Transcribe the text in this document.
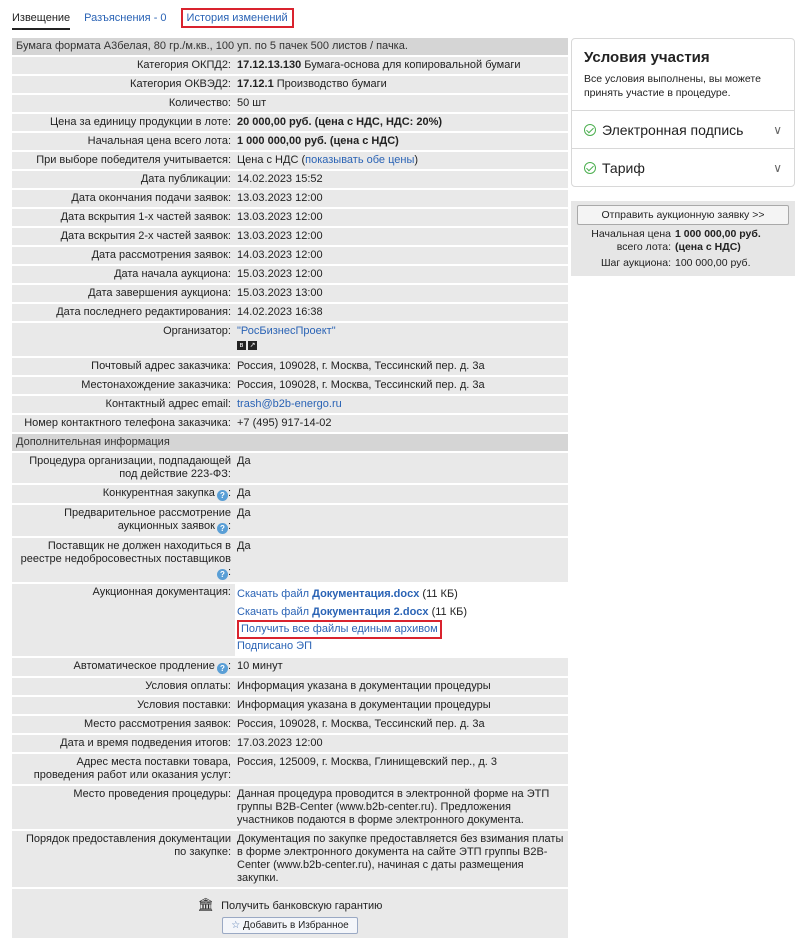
Извещение Разъяснения - 0	История изменений
Бумага формата А3белая, 80 гр./м.кв., 100 уп. по 5 пачек 500 листов / пачка.
Категория ОКПД2: 17.12.13.130 Бумага-основа для копировальной бумаги
Категория ОКВЭД2: 17.12.1 Производство бумаги
Количество: 50 шт
Цена за единицу продукции в лоте: 20 000,00 руб. (цена с НДС, НДС: 20%)
Начальная цена всего лота: 1 000 000,00 руб. (цена с НДС)
При выборе победителя учитывается: Цена с НДС (показывать обе цены)
Дата публикации: 14.02.2023 15:52
Дата окончания подачи заявок: 13.03.2023 12:00
Дата вскрытия 1-х частей заявок: 13.03.2023 12:00
Дата вскрытия 2-х частей заявок: 13.03.2023 12:00
Дата рассмотрения заявок: 14.03.2023 12:00
Дата начала аукциона: 15.03.2023 12:00
Дата завершения аукциона: 15.03.2023 13:00
Дата последнего редактирования: 14.02.2023 16:38
Организатор: "РосБизнесПроект"

в ↗
Почтовый адрес заказчика: Россия, 109028, г. Москва, Тессинский пер. д. 3а
Местонахождение заказчика: Россия, 109028, г. Москва, Тессинский пер. д. 3а
Контактный адрес email: trash@b2b-energo.ru
Номер контактного телефона заказчика: +7 (495) 917-14-02
Дополнительная информация
Процедура организации, подпадающей под действие 223-ФЗ:
Да
Конкурентная закупка ? : Да
Предварительное рассмотрение аукционных заявок ? :
Да
Поставщик не должен находиться в реестре недобросовестных поставщиков? :
Да
Аукционная документация: Скачать файл Документация.docx (11 КБ)
Скачать файл Документация 2.docx (11 КБ)
Получить все файлы единым архивом
Подписано ЭП
Автоматическое продление ? : 10 минут
Условия оплаты: Информация указана в документации процедуры
Условия поставки: Информация указана в документации процедуры
Место рассмотрения заявок: Россия, 109028, г. Москва, Тессинский пер. д. 3а
Дата и время подведения итогов: 17.03.2023 12:00
Адрес места поставки товара, проведения работ или оказания услуг:
Россия, 125009, г. Москва, Глинищевский пер., д. 3
Место проведения процедуры: Данная процедура проводится в электронной форме на ЭТП группы B2B-Center (www.b2b-center.ru). Предложения участников подаются в форме электронного документа.
Порядок предоставления документации по закупке:
Документация по закупке предоставляется без взимания платы в форме электронного документа на сайте ЭТП группы B2B-Center (www.b2b-center.ru), начиная с даты размещения закупки.
🏛 Получить банковскую гарантию
☆ Добавить в Избранное
Условия участия
Все условия выполнены, вы можете принять участие в процедуре.
Электронная подпись ∨
Тариф	∨
Отправить аукционную заявку >>
Начальная цена всего лота:
1 000 000,00 руб. (цена с НДС)
Шаг аукциона: 100 000,00 руб.
